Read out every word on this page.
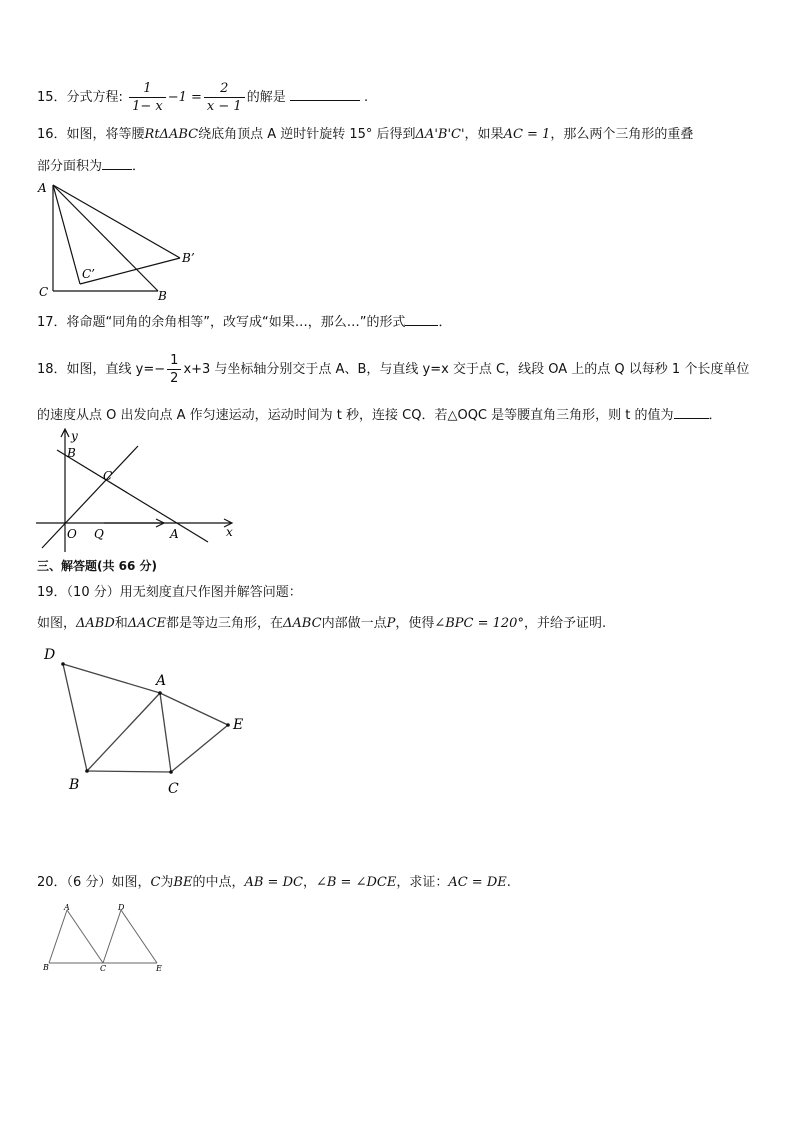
15．分式方程: $\frac{1}{1- x} -1 = \frac{2}{x - 1}$ 的解是	.
16．如图，将等腰RtΔABC绕底角顶点 A 逆时针旋转 15° 后得到ΔA'B'C'，如果AC = 1，那么两个三角形的重叠
部分面积为 ．
A
C	B
B’
C’
17．将命题“同角的余角相等”，改写成“如果…，那么…”的形式	．
18．如图，直线 $y=- \frac{1}{2} x+3$ 与坐标轴分别交于点 A、B，与直线 y=x 交于点 C，线段 OA 上的点 Q 以每秒 1 个长度单位
的速度从点 O 出发向点 A 作匀速运动，运动时间为 t 秒，连接 CQ．若△OQC 是等腰直角三角形，则 t 的值为	．
y
x
B
C
O Q	A
三、解答题(共 66 分)
19．（10 分）用无刻度直尺作图并解答问题：
如图，ΔABD和ΔACE都是等边三角形，在ΔABC内部做一点P，使得∠BPC = 120°，并给予证明.
D
A
E
B	C
20．（6 分）如图，C为BE的中点，AB = DC，∠B = ∠DCE，求证：AC = DE.
A	D
B	C	E
